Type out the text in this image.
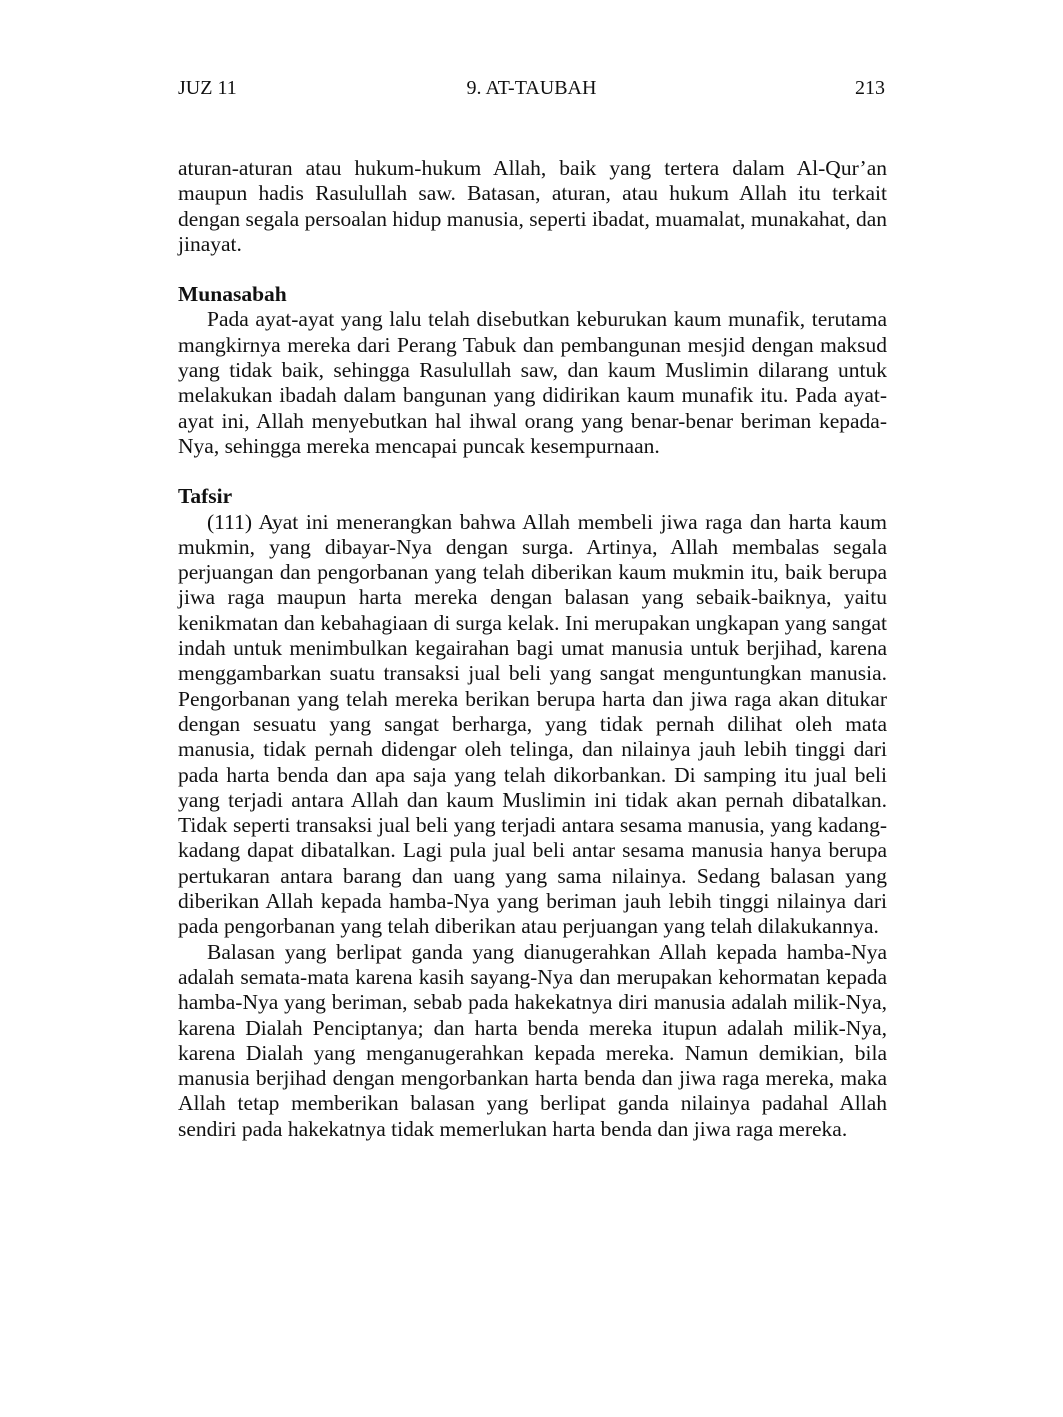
JUZ 11	9. AT-TAUBAH	213

aturan-aturan atau hukum-hukum Allah, baik yang tertera dalam Al-Qur’an maupun hadis Rasulullah saw. Batasan, aturan, atau hukum Allah itu terkait dengan segala persoalan hidup manusia, seperti ibadat, muamalat, munakahat, dan jinayat.

Munasabah

Pada ayat-ayat yang lalu telah disebutkan keburukan kaum munafik, terutama mangkirnya mereka dari Perang Tabuk dan pembangunan mesjid dengan maksud yang tidak baik, sehingga Rasulullah saw, dan kaum Muslimin dilarang untuk melakukan ibadah dalam bangunan yang didirikan kaum munafik itu. Pada ayat-ayat ini, Allah menyebutkan hal ihwal orang yang benar-benar beriman kepada-Nya, sehingga mereka mencapai puncak kesempurnaan.

Tafsir

(111) Ayat ini menerangkan bahwa Allah membeli jiwa raga dan harta kaum mukmin, yang dibayar-Nya dengan surga. Artinya, Allah membalas segala perjuangan dan pengorbanan yang telah diberikan kaum mukmin itu, baik berupa jiwa raga maupun harta mereka dengan balasan yang sebaik-baiknya, yaitu kenikmatan dan kebahagiaan di surga kelak. Ini merupakan ungkapan yang sangat indah untuk menimbulkan kegairahan bagi umat manusia untuk berjihad, karena menggambarkan suatu transaksi jual beli yang sangat menguntungkan manusia. Pengorbanan yang telah mereka berikan berupa harta dan jiwa raga akan ditukar dengan sesuatu yang sangat berharga, yang tidak pernah dilihat oleh mata manusia, tidak pernah didengar oleh telinga, dan nilainya jauh lebih tinggi dari pada harta benda dan apa saja yang telah dikorbankan. Di samping itu jual beli yang terjadi antara Allah dan kaum Muslimin ini tidak akan pernah dibatalkan. Tidak seperti transaksi jual beli yang terjadi antara sesama manusia, yang kadang-kadang dapat dibatalkan. Lagi pula jual beli antar sesama manusia hanya berupa pertukaran antara barang dan uang yang sama nilainya. Sedang balasan yang diberikan Allah kepada hamba-Nya yang beriman jauh lebih tinggi nilainya dari pada pengorbanan yang telah diberikan atau perjuangan yang telah dilakukannya.

Balasan yang berlipat ganda yang dianugerahkan Allah kepada hamba-Nya adalah semata-mata karena kasih sayang-Nya dan merupakan kehormatan kepada hamba-Nya yang beriman, sebab pada hakekatnya diri manusia adalah milik-Nya, karena Dialah Penciptanya; dan harta benda mereka itupun adalah milik-Nya, karena Dialah yang menganugerahkan kepada mereka. Namun demikian, bila manusia berjihad dengan mengorbankan harta benda dan jiwa raga mereka, maka Allah tetap memberikan balasan yang berlipat ganda nilainya padahal Allah sendiri pada hakekatnya tidak memerlukan harta benda dan jiwa raga mereka.
